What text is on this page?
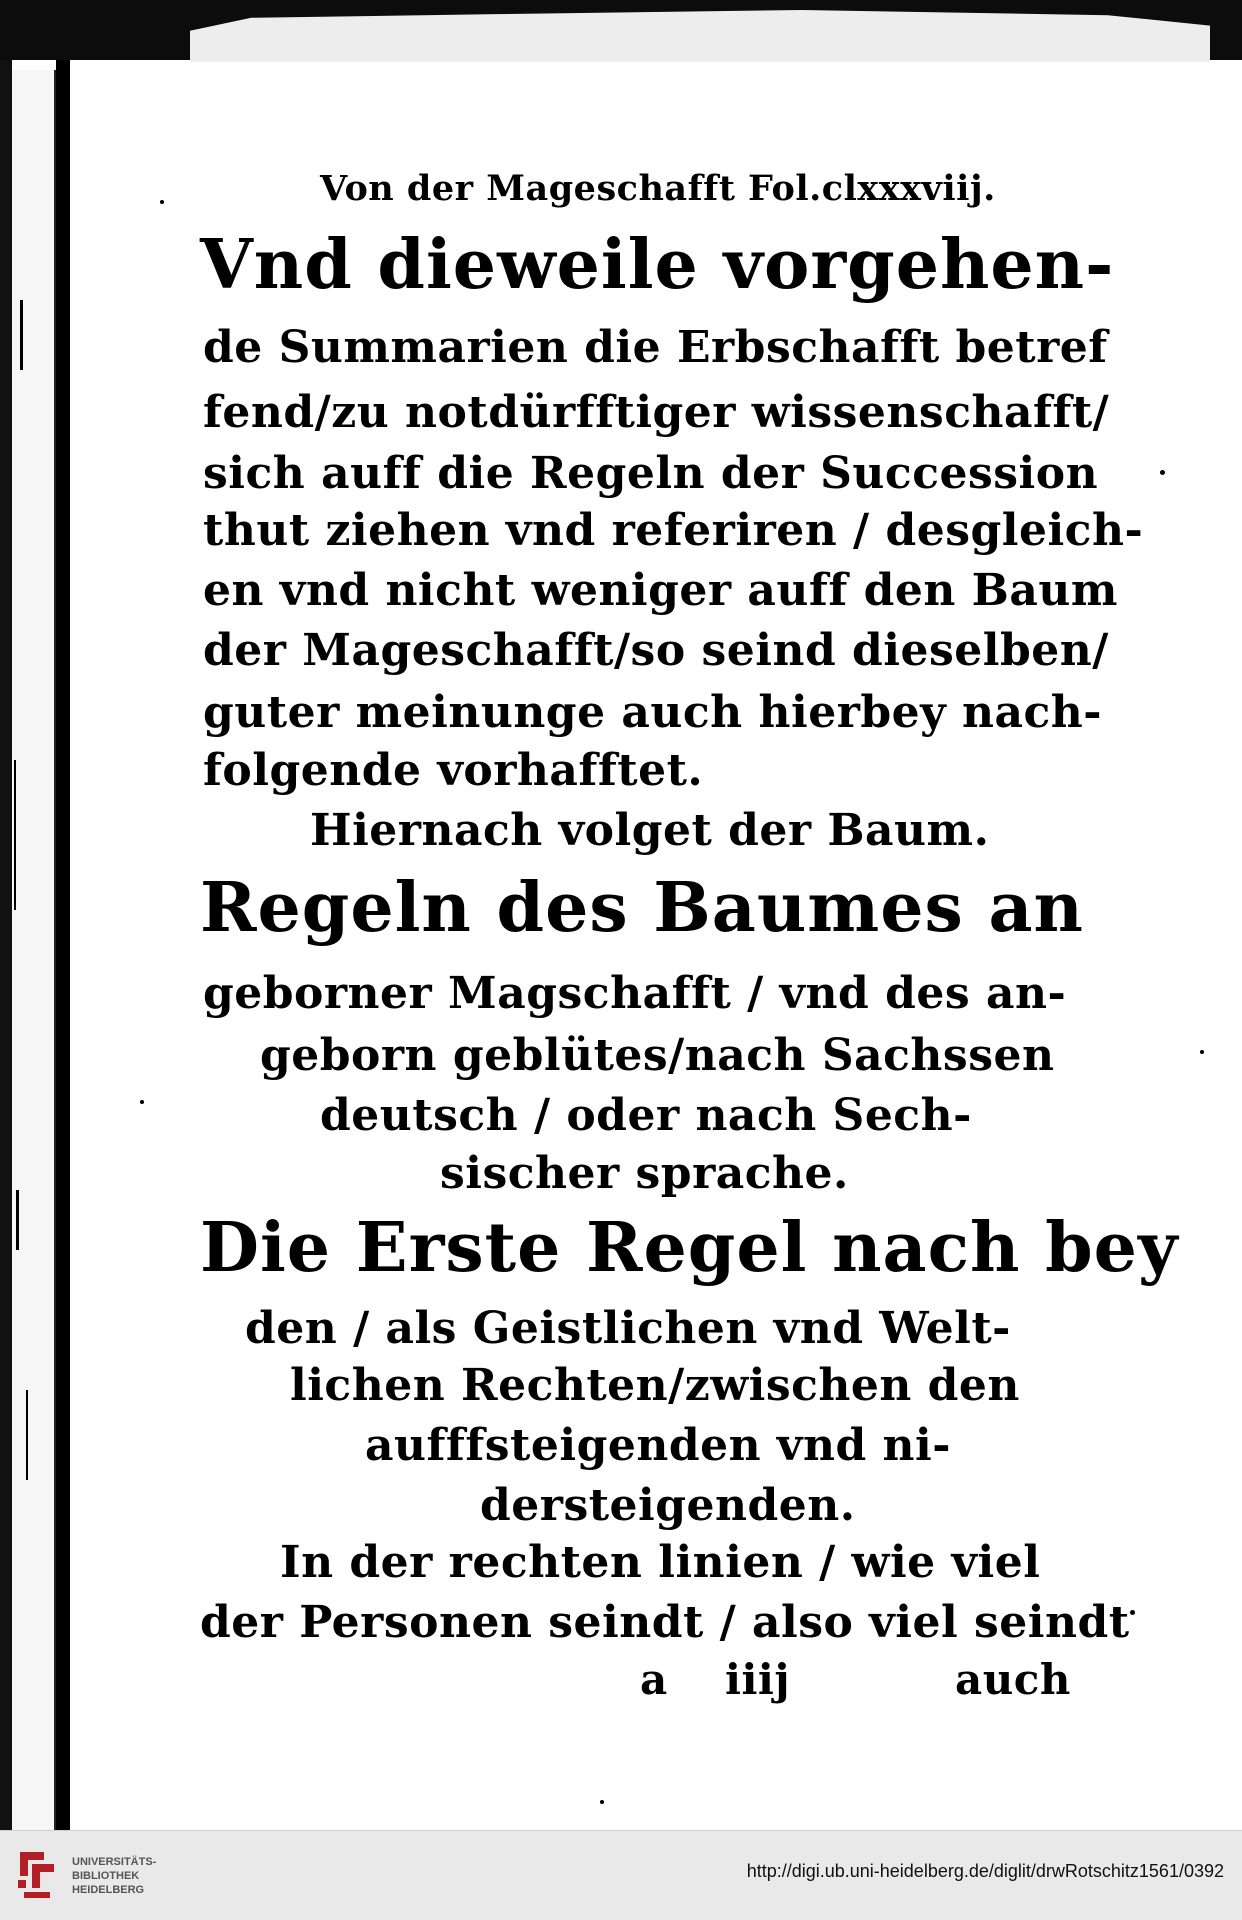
Von der Mageschafft Fol.clxxxviij.
Vnd dieweile vorgehen-
de Summarien die Erbschafft betref
fend/zu notdürfftiger wissenschafft/
sich auff die Regeln der Succession
thut ziehen vnd referiren / desgleich-
en vnd nicht weniger auff den Baum
der Mageschafft/so seind dieselben/
guter meinunge auch hierbey nach-
folgende vorhafftet.
Hiernach volget der Baum.
Regeln des Baumes an
geborner Magschafft / vnd des an-
geborn geblütes/nach Sachssen
deutsch / oder nach Sech-
sischer sprache.
Die Erste Regel nach bey
den / als Geistlichen vnd Welt-
lichen Rechten/zwischen den
aufffsteigenden vnd ni-
dersteigenden.
In der rechten linien / wie viel
der Personen seindt / also viel seindt
a iiij	auch
UNIVERSITÄTS-
BIBLIOTHEK
HEIDELBERG
http://digi.ub.uni-heidelberg.de/diglit/drwRotschitz1561/0392
